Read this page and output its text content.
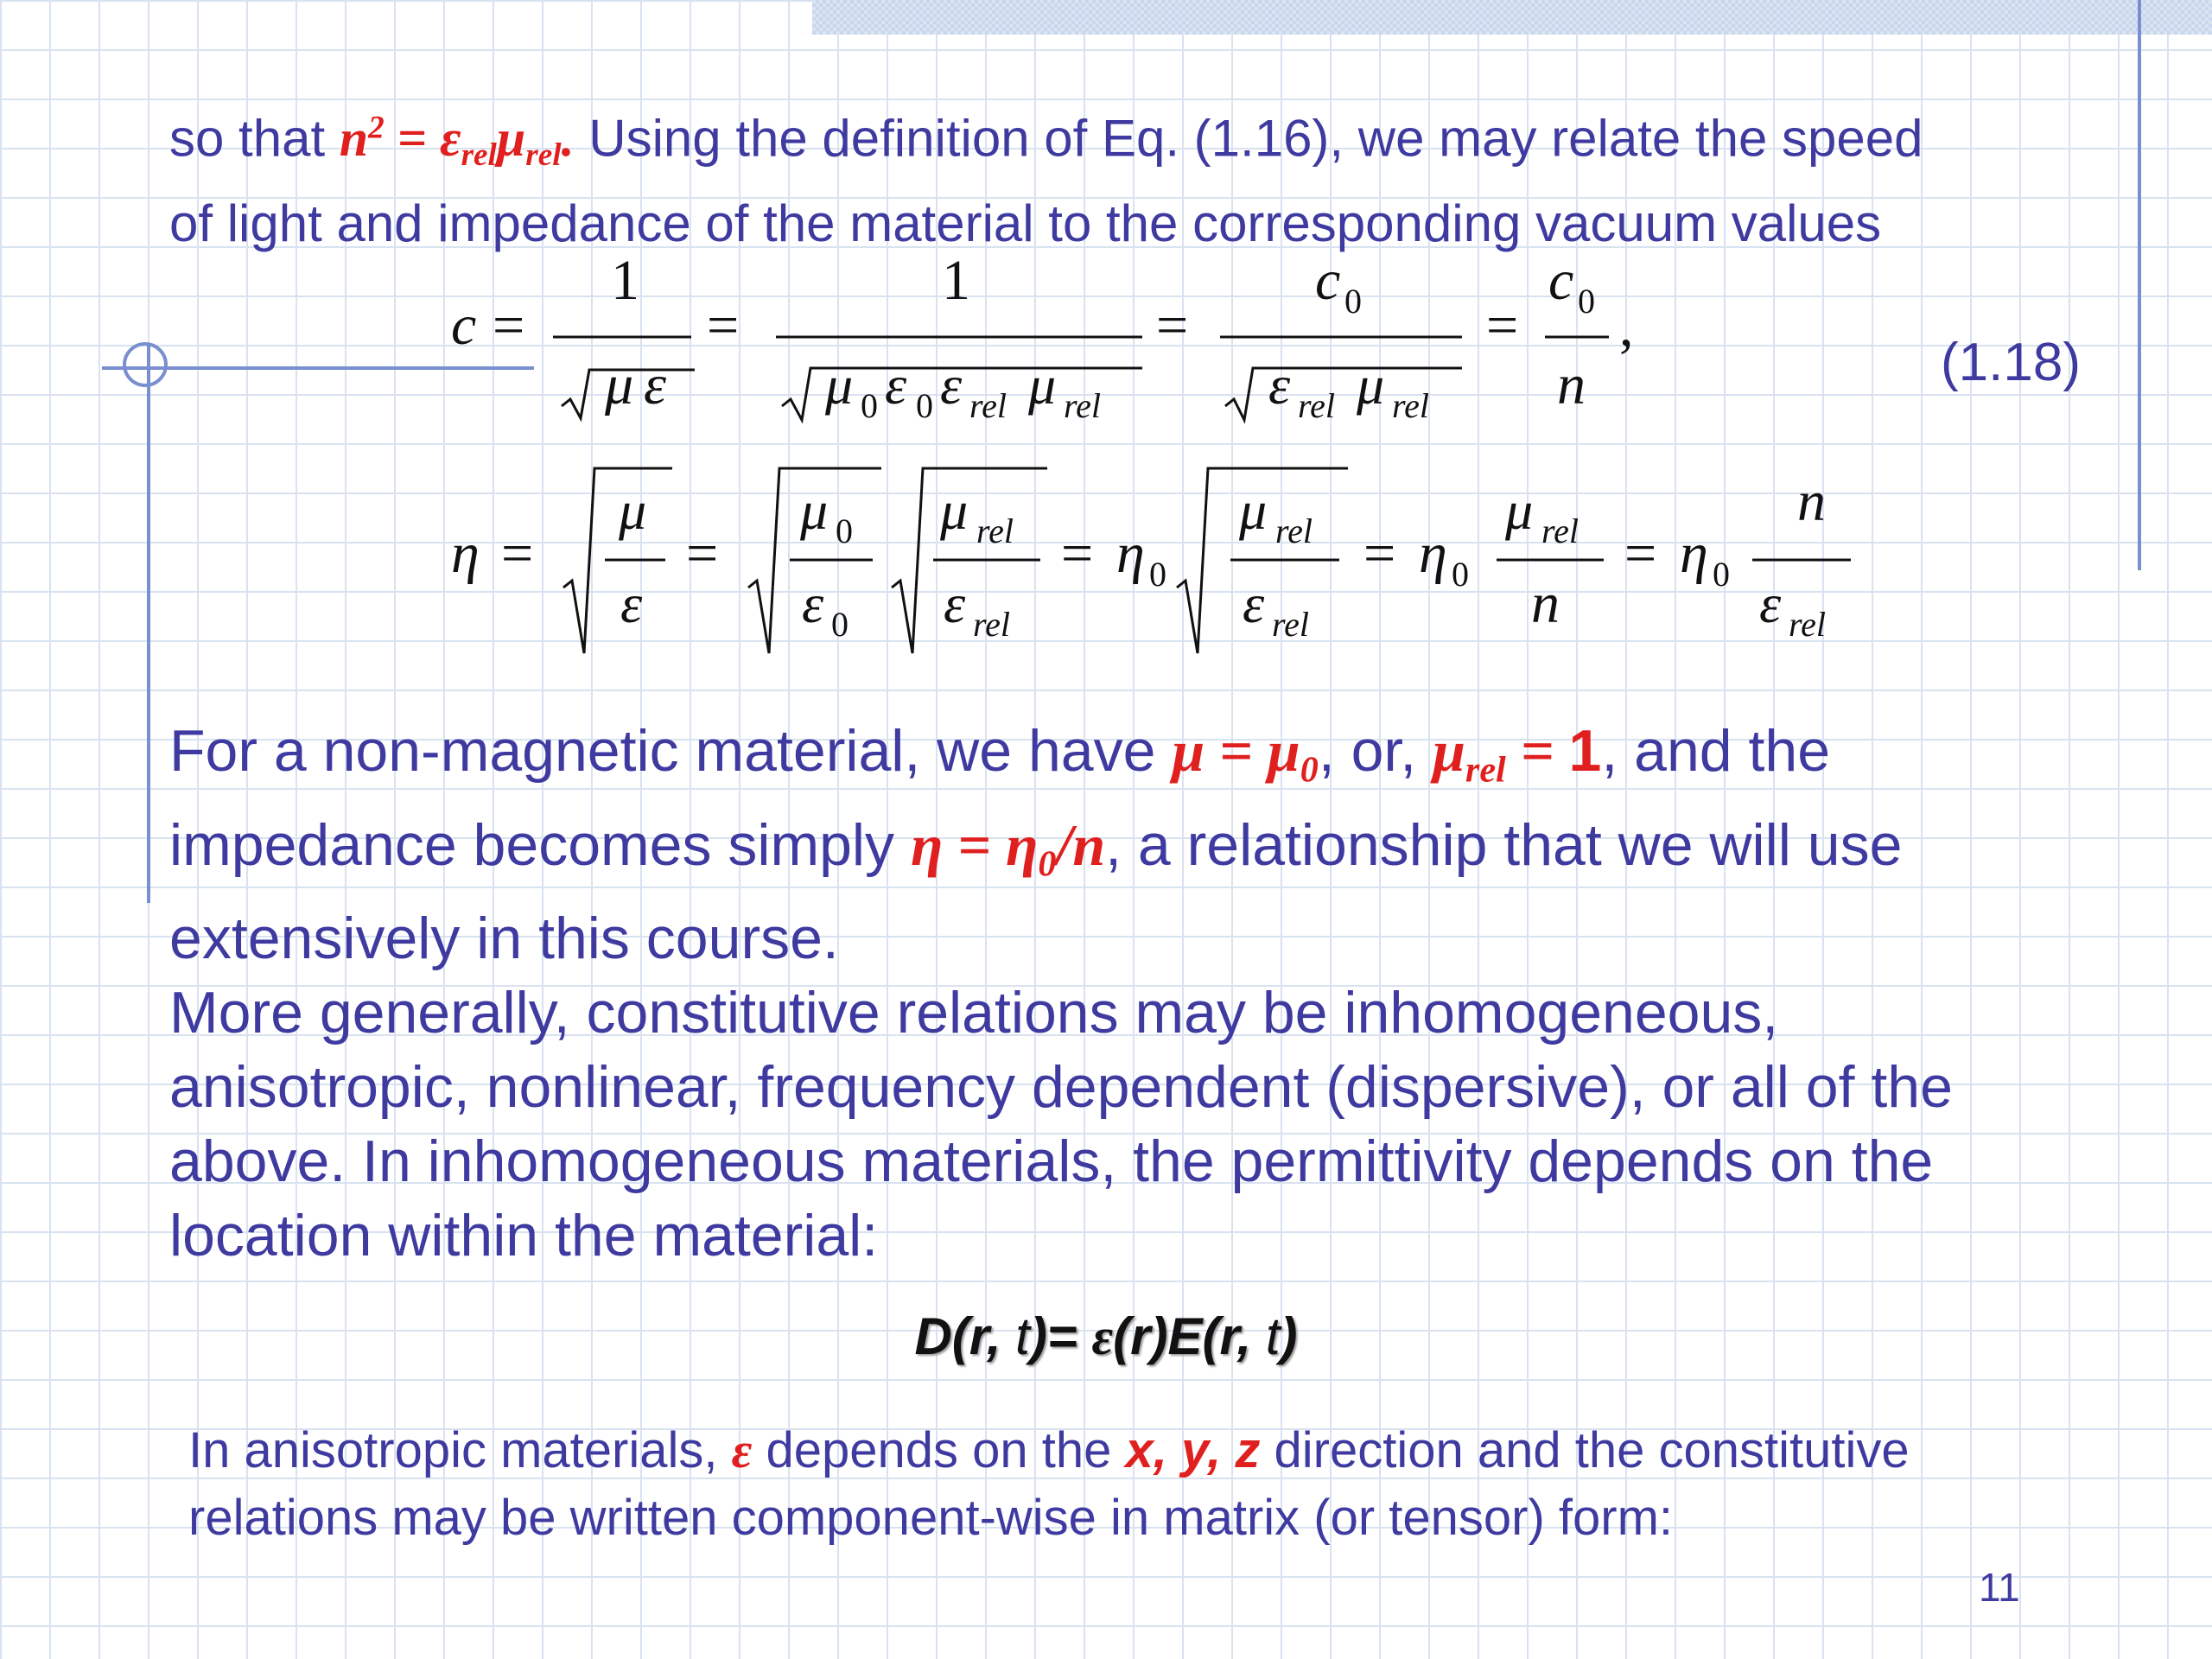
so that $n^2 = \varepsilon_{rel}\mu_{rel}$. Using the definition of Eq. (1.16), we may relate the speed
of light and impedance of the material to the corresponding vacuum values
c =
1
μ ε
=
1
μ 0 ε 0 ε rel μ rel
=
c 0
ε rel μ rel
=
c 0
n
,
η =
μ
ε
=
μ 0
ε 0
μ rel
ε rel
= η 0
μ rel
ε rel
= η 0
μ rel
n
= η 0
n
ε rel
(1.18)
For a non-magnetic material, we have $\mu = \mu_0$, or, $\mu_{rel} = 1$, and the
impedance becomes simply $\eta = \eta_0/n$, a relationship that we will use
extensively in this course.
More generally, constitutive relations may be inhomogeneous,
anisotropic, nonlinear, frequency dependent (dispersive), or all of the
above. In inhomogeneous materials, the permittivity depends on the
location within the material:
D(r, t)= ε(r)E(r, t)
In anisotropic materials, ε depends on the x, y, z direction and the constitutive
relations may be written component-wise in matrix (or tensor) form:
11
